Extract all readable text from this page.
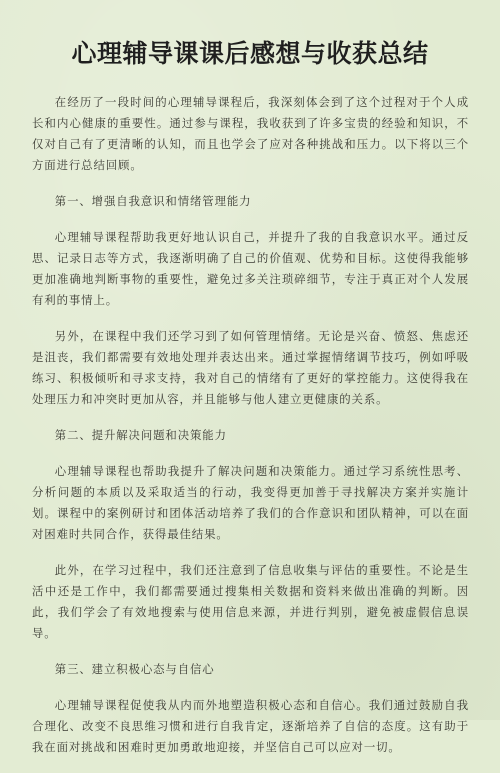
心理辅导课课后感想与收获总结

在经历了一段时间的心理辅导课程后，我深刻体会到了这个过程对于个人成长和内心健康的重要性。通过参与课程，我收获到了许多宝贵的经验和知识，不仅对自己有了更清晰的认知，而且也学会了应对各种挑战和压力。以下将以三个方面进行总结回顾。

第一、增强自我意识和情绪管理能力

心理辅导课程帮助我更好地认识自己，并提升了我的自我意识水平。通过反思、记录日志等方式，我逐渐明确了自己的价值观、优势和目标。这使得我能够更加准确地判断事物的重要性，避免过多关注琐碎细节，专注于真正对个人发展有利的事情上。

另外，在课程中我们还学习到了如何管理情绪。无论是兴奋、愤怒、焦虑还是沮丧，我们都需要有效地处理并表达出来。通过掌握情绪调节技巧，例如呼吸练习、积极倾听和寻求支持，我对自己的情绪有了更好的掌控能力。这使得我在处理压力和冲突时更加从容，并且能够与他人建立更健康的关系。

第二、提升解决问题和决策能力

心理辅导课程也帮助我提升了解决问题和决策能力。通过学习系统性思考、分析问题的本质以及采取适当的行动，我变得更加善于寻找解决方案并实施计划。课程中的案例研讨和团体活动培养了我们的合作意识和团队精神，可以在面对困难时共同合作，获得最佳结果。

此外，在学习过程中，我们还注意到了信息收集与评估的重要性。不论是生活中还是工作中，我们都需要通过搜集相关数据和资料来做出准确的判断。因此，我们学会了有效地搜索与使用信息来源，并进行判别，避免被虚假信息误导。

第三、建立积极心态与自信心

心理辅导课程促使我从内而外地塑造积极心态和自信心。我们通过鼓励自我合理化、改变不良思维习惯和进行自我肯定，逐渐培养了自信的态度。这有助于我在面对挑战和困难时更加勇敢地迎接，并坚信自己可以应对一切。
